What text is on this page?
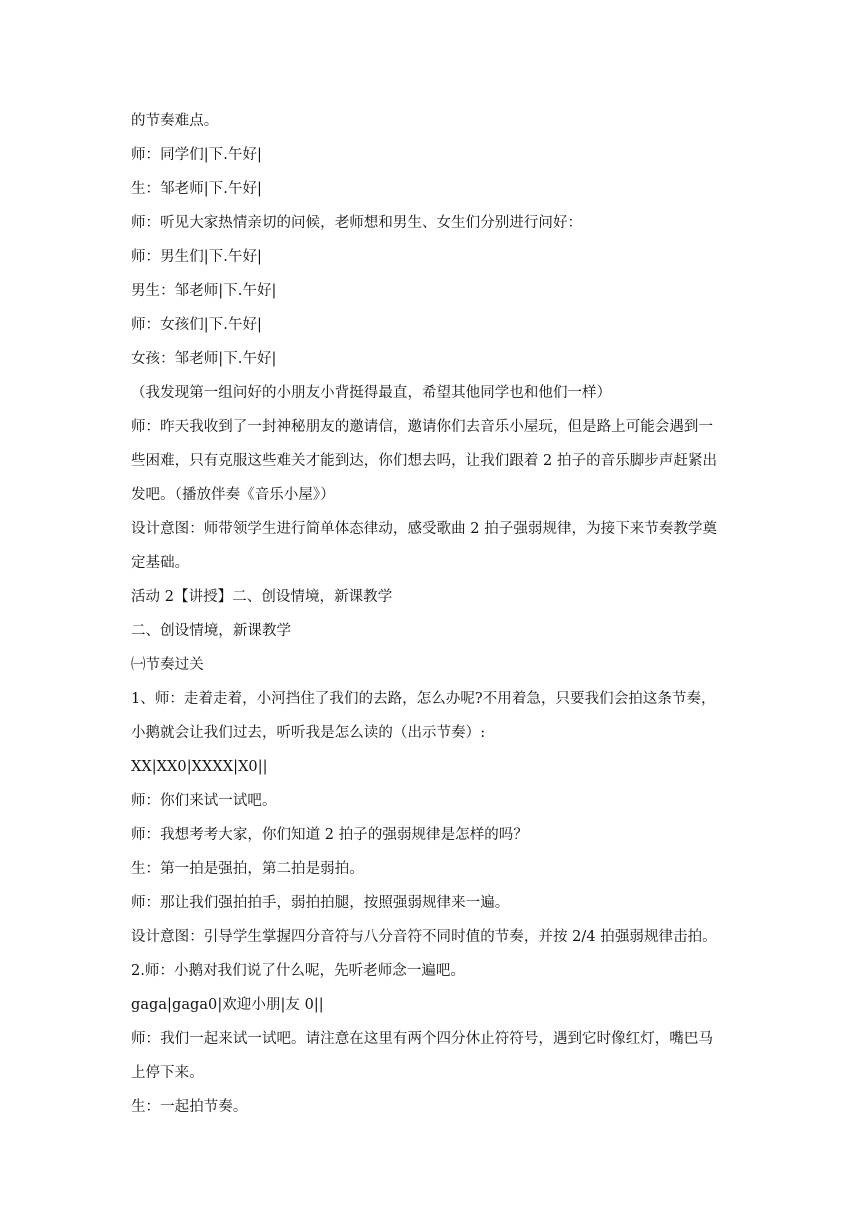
的节奏难点。
师：同学们|下.午好|
生：邹老师|下.午好|
师：听见大家热情亲切的问候，老师想和男生、女生们分别进行问好：
师：男生们|下.午好|
男生：邹老师|下.午好|
师：女孩们|下.午好|
女孩：邹老师|下.午好|
（我发现第一组问好的小朋友小背挺得最直，希望其他同学也和他们一样）
师：昨天我收到了一封神秘朋友的邀请信，邀请你们去音乐小屋玩，但是路上可能会遇到一
些困难，只有克服这些难关才能到达，你们想去吗，让我们跟着 2 拍子的音乐脚步声赶紧出
发吧。（播放伴奏《音乐小屋》）
设计意图：师带领学生进行简单体态律动，感受歌曲 2 拍子强弱规律，为接下来节奏教学奠
定基础。
活动 2【讲授】二、创设情境，新课教学
二、创设情境，新课教学
㈠节奏过关
1、师：走着走着，小河挡住了我们的去路，怎么办呢?不用着急，只要我们会拍这条节奏，
小鹅就会让我们过去，听听我是怎么读的（出示节奏）:
XX|XX0|XXXX|X0||
师：你们来试一试吧。
师：我想考考大家，你们知道 2 拍子的强弱规律是怎样的吗？
生：第一拍是强拍，第二拍是弱拍。
师：那让我们强拍拍手，弱拍拍腿，按照强弱规律来一遍。
设计意图：引导学生掌握四分音符与八分音符不同时值的节奏，并按 2/4 拍强弱规律击拍。
2.师：小鹅对我们说了什么呢，先听老师念一遍吧。
gaga|gaga0|欢迎小朋|友 0||
师：我们一起来试一试吧。请注意在这里有两个四分休止符符号，遇到它时像红灯，嘴巴马
上停下来。
生：一起拍节奏。
